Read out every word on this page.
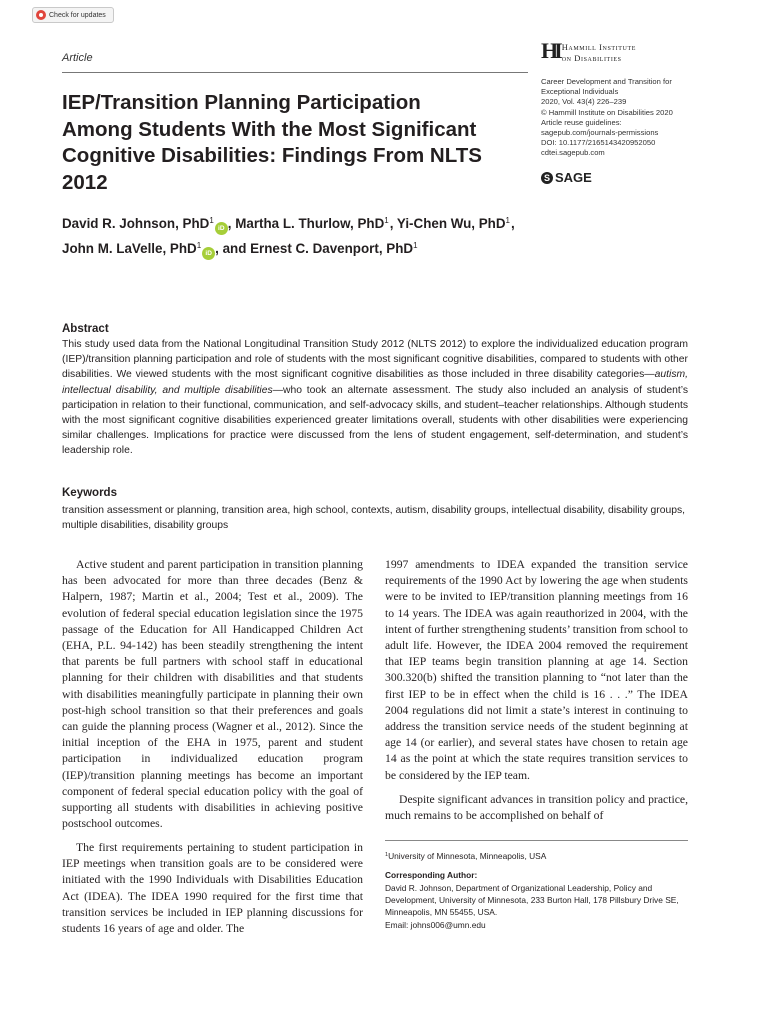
Check for updates
Article	HI Hammill Institute
on Disabilities
Career Development and Transition for
Exceptional Individuals
2020, Vol. 43(4) 226–239
© Hammill Institute on Disabilities 2020
Article reuse guidelines:
sagepub.com/journals-permissions
DOI: 10.1177/2165143420952050
cdtei.sagepub.com
S SAGE
IEP/Transition Planning Participation Among Students With the Most Significant Cognitive Disabilities: Findings From NLTS 2012
David R. Johnson, PhD$^1$iD , Martha L. Thurlow, PhD$^1$, Yi-Chen Wu, PhD$^1$,
John M. LaVelle, PhD$^1$iD , and Ernest C. Davenport, PhD$^1$
Abstract

This study used data from the National Longitudinal Transition Study 2012 (NLTS 2012) to explore the individualized education program (IEP)/transition planning participation and role of students with the most significant cognitive disabilities, compared to students with other disabilities. We viewed students with the most significant cognitive disabilities as those included in three disability categories—autism, intellectual disability, and multiple disabilities—who took an alternate assessment. The study also included an analysis of student’s participation in relation to their functional, communication, and self-advocacy skills, and student–teacher relationships. Although students with the most significant cognitive disabilities experienced greater limitations overall, students with other disabilities were experiencing similar challenges. Implications for practice were discussed from the lens of student engagement, self-determination, and student’s leadership role.

Keywords

transition assessment or planning, transition area, high school, contexts, autism, disability groups, intellectual disability, disability groups, multiple disabilities, disability groups

Active student and parent participation in transition planning has been advocated for more than three decades (Benz & Halpern, 1987; Martin et al., 2004; Test et al., 2009). The evolution of federal special education legislation since the 1975 passage of the Education for All Handicapped Children Act (EHA, P.L. 94-142) has been steadily strengthening the intent that parents be full partners with school staff in educational planning for their children with disabilities and that students with disabilities meaningfully participate in planning their own post-high school transition so that their preferences and goals can guide the planning process (Wagner et al., 2012). Since the initial inception of the EHA in 1975, parent and student participation in individualized education program (IEP)/transition planning meetings has become an important component of federal special education policy with the goal of supporting all students with disabilities in achieving positive postschool outcomes.

The first requirements pertaining to student participation in IEP meetings when transition goals are to be considered were initiated with the 1990 Individuals with Disabilities Education Act (IDEA). The IDEA 1990 required for the first time that transition services be included in IEP planning discussions for students 16 years of age and older. The

1997 amendments to IDEA expanded the transition service requirements of the 1990 Act by lowering the age when students were to be invited to IEP/transition planning meetings from 16 to 14 years. The IDEA was again reauthorized in 2004, with the intent of further strengthening students’ transition from school to adult life. However, the IDEA 2004 removed the requirement that IEP teams begin transition planning at age 14. Section 300.320(b) shifted the transition planning to “not later than the first IEP to be in effect when the child is 16 . . .” The IDEA 2004 regulations did not limit a state’s interest in continuing to address the transition service needs of the student beginning at age 14 (or earlier), and several states have chosen to retain age 14 as the point at which the state requires transition services to be considered by the IEP team.

Despite significant advances in transition policy and practice, much remains to be accomplished on behalf of

$^1$University of Minnesota, Minneapolis, USA

Corresponding Author:

David R. Johnson, Department of Organizational Leadership, Policy and Development, University of Minnesota, 233 Burton Hall, 178 Pillsbury Drive SE, Minneapolis, MN 55455, USA.

Email: johns006@umn.edu
